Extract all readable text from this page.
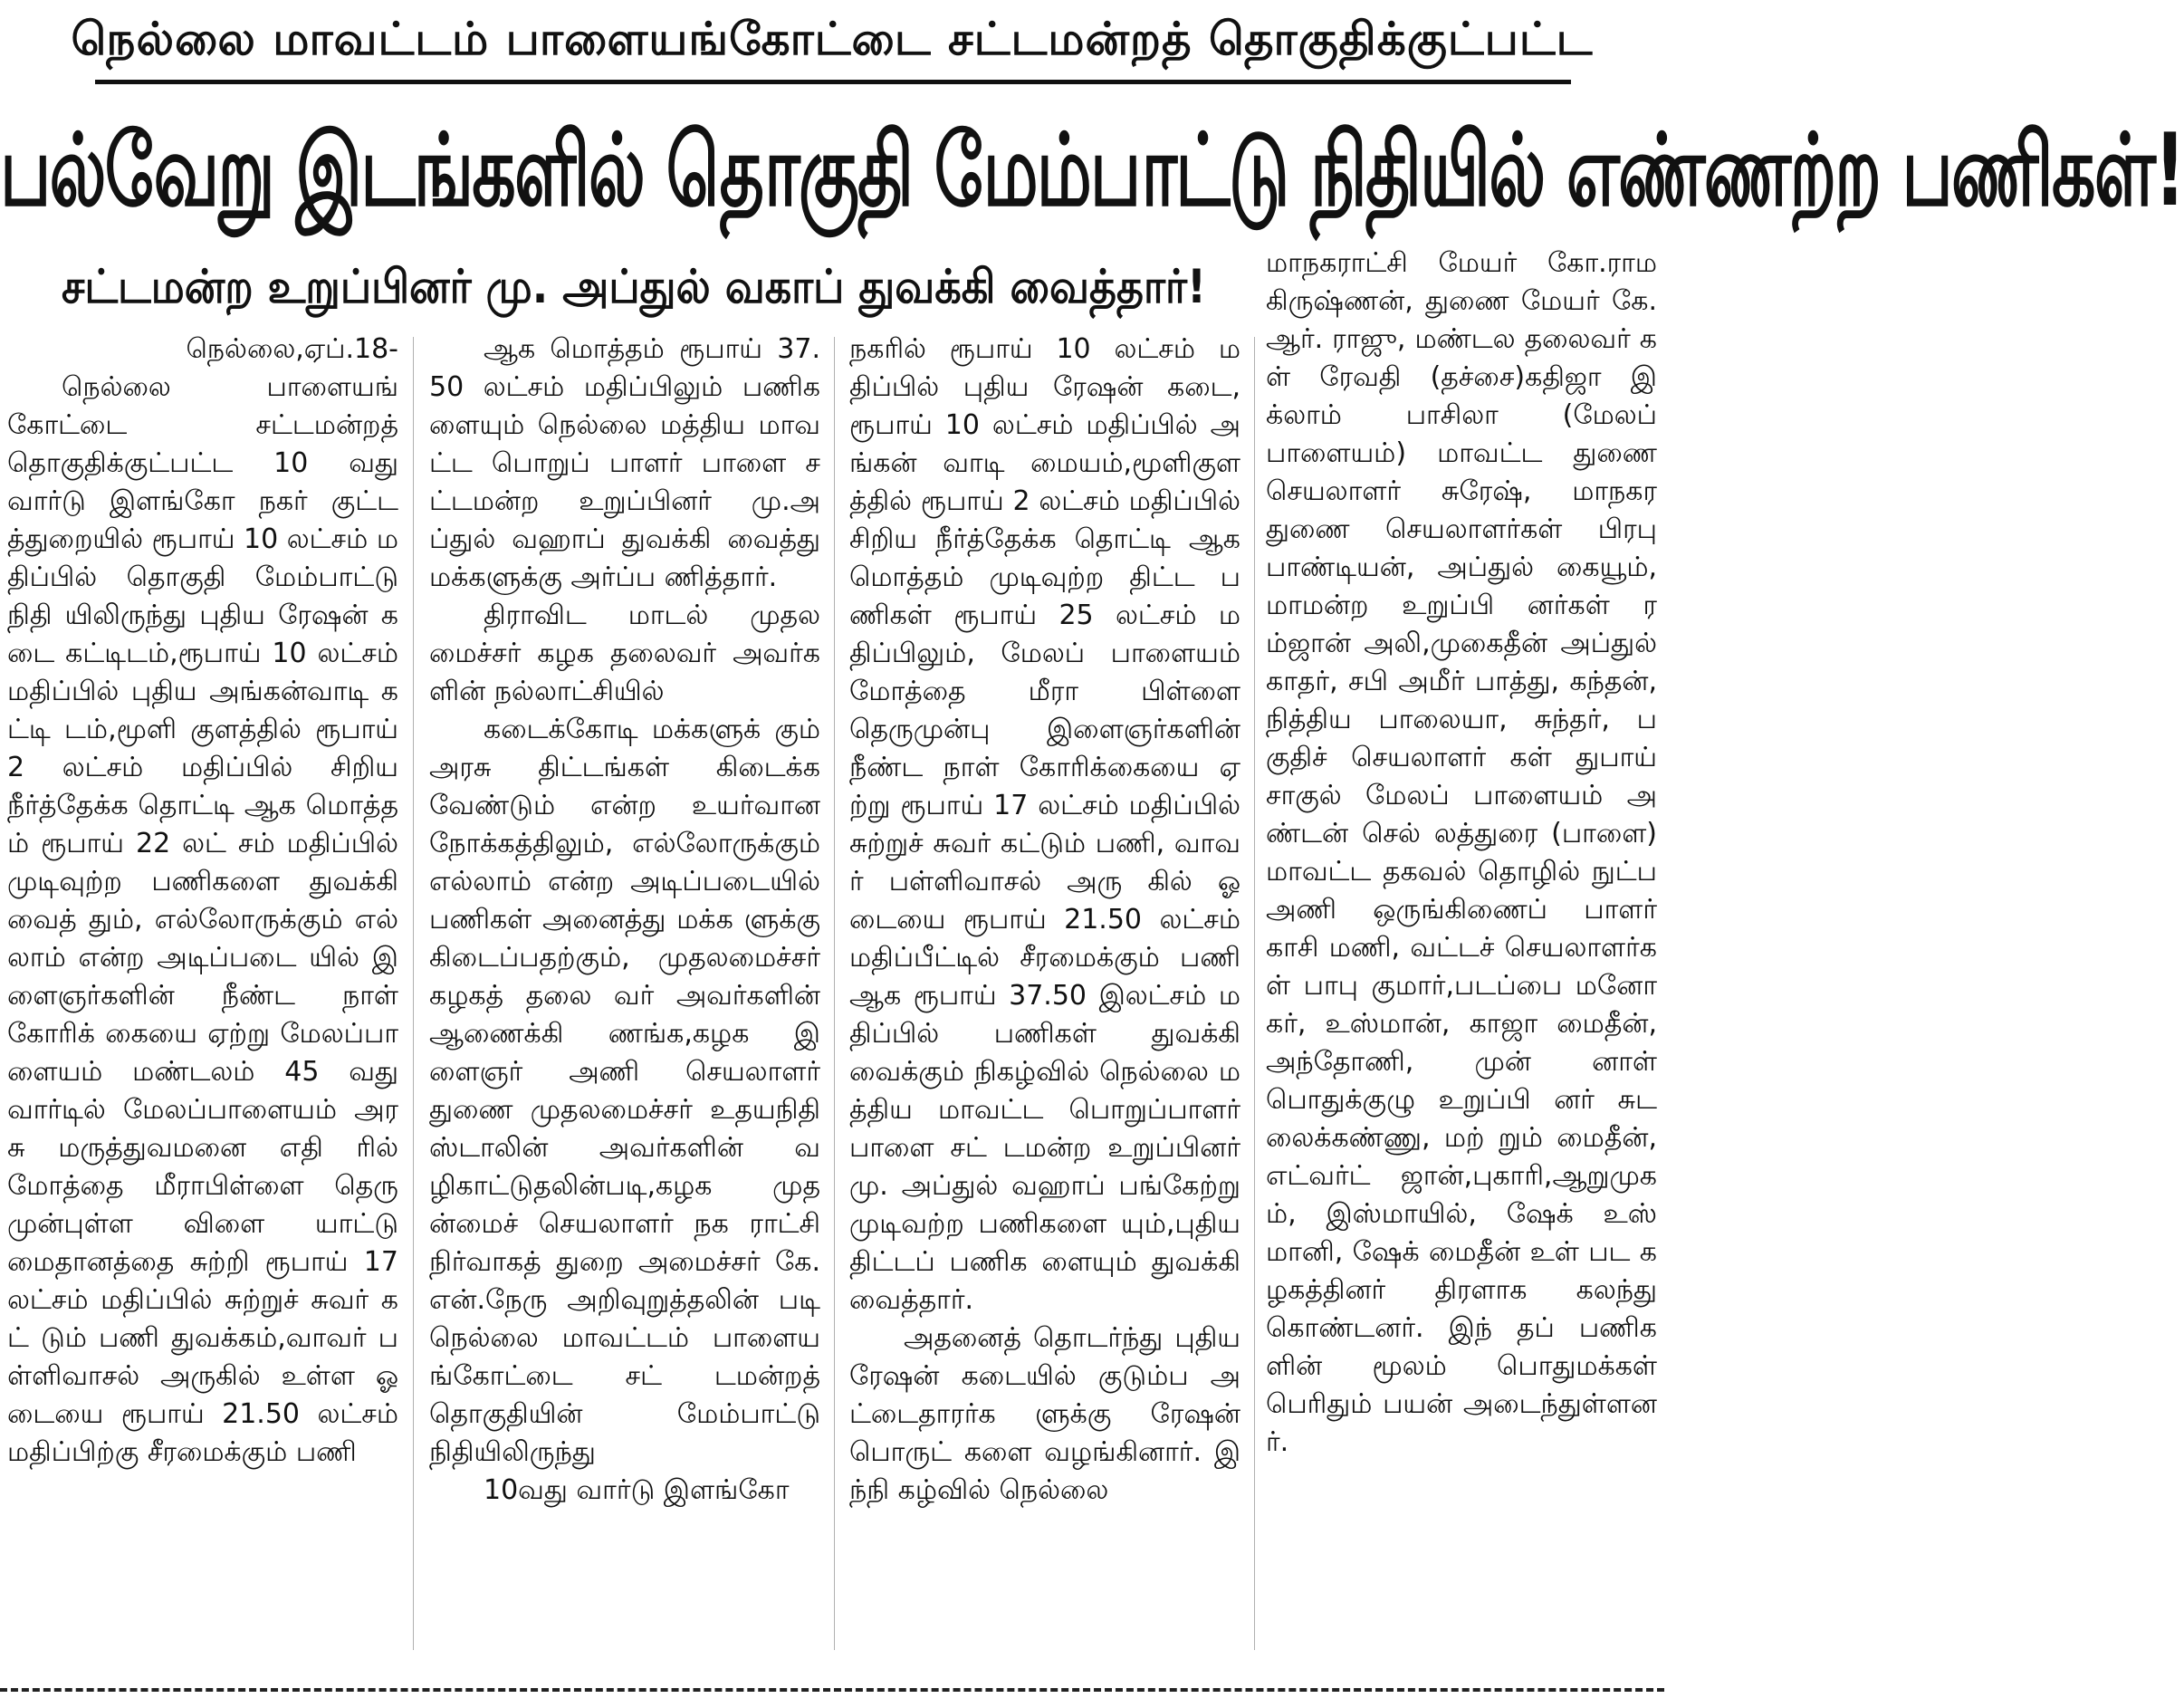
நெல்லை மாவட்டம் பாளையங்கோட்டை சட்டமன்றத் தொகுதிக்குட்பட்ட
பல்வேறு இடங்களில் தொகுதி மேம்பாட்டு நிதியில் எண்ணற்ற பணிகள்!
சட்டமன்ற உறுப்பினர் மு. அப்துல் வகாப் துவக்கி வைத்தார்!
நெல்லை,ஏப்.18-
நெல்லை பாளையங் கோட்டை சட்டமன்றத் தொகுதிக்குட்பட்ட 10 வது வார்டு இளங்கோ நகர் குட்டத்துறையில் ரூபாய் 10 லட்சம் மதிப்பில் தொகுதி மேம்பாட்டு நிதி யிலிருந்து புதிய ரேஷன் கடை கட்டிடம்,ரூபாய் 10 லட்சம் மதிப்பில் புதிய அங்கன்வாடி கட்டி டம்,மூளி குளத்தில் ரூபாய் 2 லட்சம் மதிப்பில் சிறிய நீர்த்தேக்க தொட்டி ஆக மொத்தம் ரூபாய் 22 லட் சம் மதிப்பில் முடிவுற்ற பணிகளை துவக்கி வைத் தும், எல்லோருக்கும் எல் லாம் என்ற அடிப்படை யில் இளைஞர்களின் நீண்ட நாள் கோரிக் கையை ஏற்று மேலப்பா ளையம் மண்டலம் 45 வது வார்டில் மேலப்பாளையம் அரசு மருத்துவமனை எதி ரில் மோத்தை மீராபிள்ளை தெரு முன்புள்ள விளை யாட்டு மைதானத்தை சுற்றி ரூபாய் 17 லட்சம் மதிப்பில் சுற்றுச் சுவர் கட் டும் பணி துவக்கம்,வாவர் பள்ளிவாசல் அருகில் உள்ள ஓடையை ரூபாய் 21.50 லட்சம் மதிப்பிற்கு சீரமைக்கும் பணி
ஆக மொத்தம் ரூபாய் 37. 50 லட்சம் மதிப்பிலும் பணிகளையும் நெல்லை மத்திய மாவட்ட பொறுப் பாளர் பாளை சட்டமன்ற உறுப்பினர் மு.அப்துல் வஹாப் துவக்கி வைத்து மக்களுக்கு அர்ப்ப ணித்தார்.
திராவிட மாடல் முதல மைச்சர் கழக தலைவர் அவர்களின் நல்லாட்சியில்
கடைக்கோடி மக்களுக் கும் அரசு திட்டங்கள் கிடைக்க வேண்டும் என்ற உயர்வான நோக்கத்திலும், எல்லோருக்கும் எல்லாம் என்ற அடிப்படையில் பணிகள் அனைத்து மக்க ளுக்கு கிடைப்பதற்கும், முதலமைச்சர் கழகத் தலை வர் அவர்களின் ஆணைக்கி ணங்க,கழக இளைஞர் அணி செயலாளர் துணை முதலமைச்சர் உதயநிதி ஸ்டாலின் அவர்களின் வழிகாட்டுதலின்படி,கழக முதன்மைச் செயலாளர் நக ராட்சி நிர்வாகத் துறை அமைச்சர் கே.என்.நேரு அறிவுறுத்தலின் படி நெல்லை மாவட்டம் பாளையங்கோட்டை சட் டமன்றத் தொகுதியின் மேம்பாட்டு நிதியிலிருந்து
10வது வார்டு இளங்கோ
நகரில் ரூபாய் 10 லட்சம் மதிப்பில் புதிய ரேஷன் கடை, ரூபாய் 10 லட்சம் மதிப்பில் அங்கன் வாடி மையம்,மூளிகுளத்தில் ரூபாய் 2 லட்சம் மதிப்பில் சிறிய நீர்த்தேக்க தொட்டி ஆக மொத்தம் முடிவுற்ற திட்ட பணிகள் ரூபாய் 25 லட்சம் மதிப்பிலும், மேலப் பாளையம் மோத்தை மீரா பிள்ளை தெருமுன்பு இளைஞர்களின் நீண்ட நாள் கோரிக்கையை ஏற்று ரூபாய் 17 லட்சம் மதிப்பில் சுற்றுச் சுவர் கட்டும் பணி, வாவர் பள்ளிவாசல் அரு கில் ஓடையை ரூபாய் 21.50 லட்சம் மதிப்பீட்டில் சீரமைக்கும் பணி ஆக ரூபாய் 37.50 இலட்சம் மதிப்பில் பணிகள் துவக்கி வைக்கும் நிகழ்வில் நெல்லை மத்திய மாவட்ட பொறுப்பாளர் பாளை சட் டமன்ற உறுப்பினர் மு. அப்துல் வஹாப் பங்கேற்று முடிவற்ற பணிகளை யும்,புதிய திட்டப் பணிக ளையும் துவக்கி வைத்தார்.
அதனைத் தொடர்ந்து புதிய ரேஷன் கடையில் குடும்ப அட்டைதாரர்க ளுக்கு ரேஷன் பொருட் களை வழங்கினார். இந்நி கழ்வில் நெல்லை
மாநகராட்சி மேயர் கோ.ராமகிருஷ்ணன், துணை மேயர் கே.ஆர். ராஜு, மண்டல தலைவர் கள் ரேவதி (தச்சை)கதிஜா இக்லாம் பாசிலா (மேலப் பாளையம்) மாவட்ட துணை செயலாளர் சுரேஷ், மாநகர துணை செயலாளர்கள் பிரபு பாண்டியன், அப்துல் கையூம், மாமன்ற உறுப்பி னர்கள் ரம்ஜான் அலி,முகைதீன் அப்துல் காதர், சபி அமீர் பாத்து, கந்தன், நித்திய பாலையா, சுந்தர், பகுதிச் செயலாளர் கள் துபாய் சாகுல் மேலப் பாளையம் அண்டன் செல் லத்துரை (பாளை) மாவட்ட தகவல் தொழில் நுட்ப அணி ஒருங்கிணைப் பாளர் காசி மணி, வட்டச் செயலாளர்கள் பாபு குமார்,படப்பை மனோ கர், உஸ்மான், காஜா மைதீன், அந்தோணி, முன் னாள் பொதுக்குழு உறுப்பி னர் சுடலைக்கண்ணு, மற் றும் மைதீன்,எட்வர்ட் ஜான்,புகாரி,ஆறுமுகம், இஸ்மாயில், ஷேக் உஸ் மானி, ஷேக் மைதீன் உள் பட கழகத்தினர் திரளாக கலந்து கொண்டனர். இந் தப் பணிகளின் மூலம் பொதுமக்கள் பெரிதும் பயன் அடைந்துள்ளனர்.
